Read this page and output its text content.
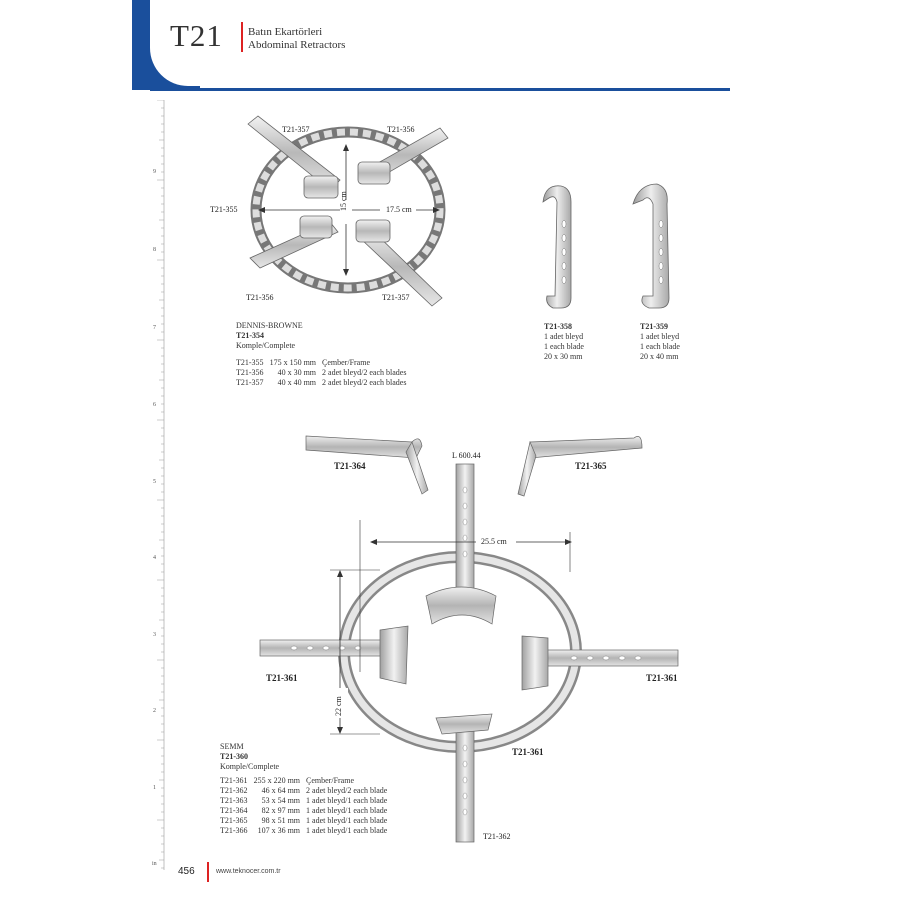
T21 Batın Ekartörleri
Abdominal Retractors
9
8
7
6
5
4
3
2
1
in
T21-357	T21-356
T21-355
T21-356	T21-357
17.5 cm
15 cm
DENNIS-BROWNE
T21-354
Komple/Complete
T21-355	175 x 150 mm	Çember/Frame
T21-356	40 x 30 mm	2 adet bleyd/2 each blades
T21-357	40 x 40 mm	2 adet bleyd/2 each blades
T21-358
1 adet bleyd
1 each blade
20 x 30 mm
T21-359
1 adet bleyd
1 each blade
20 x 40 mm
T21-364	T21-365
L 600.44
25.5 cm
22 cm
T21-361	T21-361
T21-361
T21-362
SEMM
T21-360
Komple/Complete
T21-361	255 x 220 mm	Çember/Frame
T21-362	46 x 64 mm	2 adet bleyd/2 each blade
T21-363	53 x 54 mm	1 adet bleyd/1 each blade
T21-364	82 x 97 mm	1 adet bleyd/1 each blade
T21-365	98 x 51 mm	1 adet bleyd/1 each blade
T21-366	107 x 36 mm	1 adet bleyd/1 each blade
456	www.teknocer.com.tr
